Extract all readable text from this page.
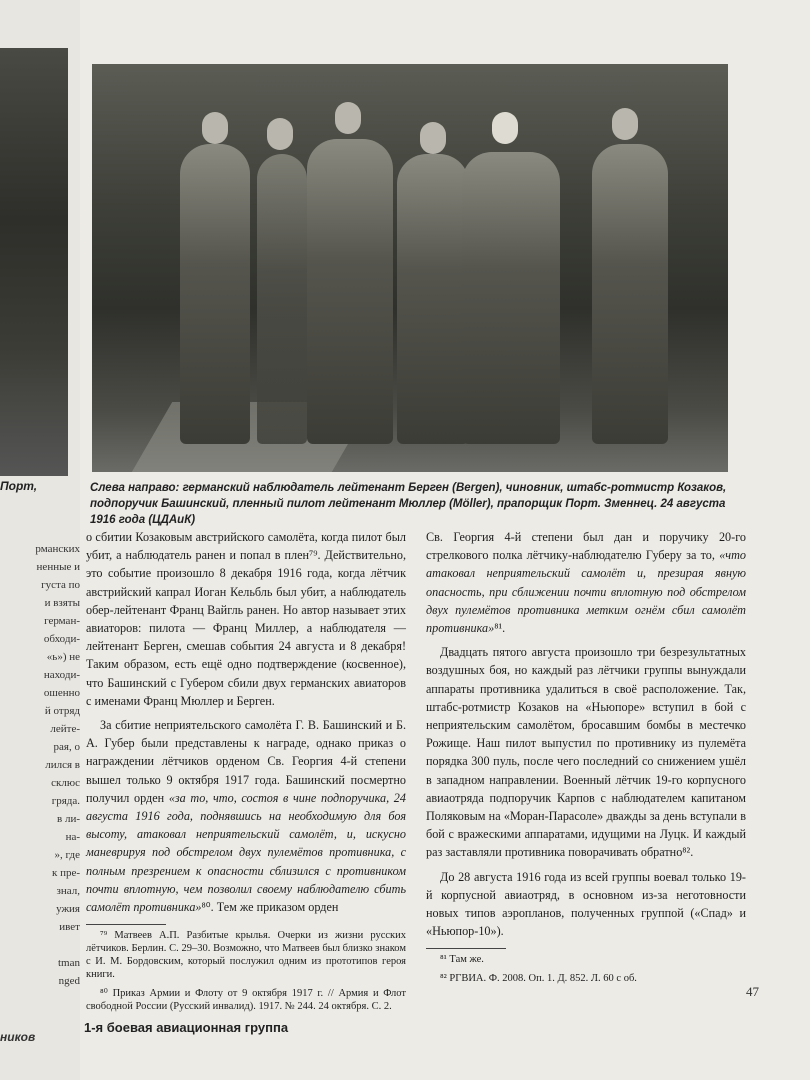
Порт,
рманских
ненные и
густа по
и взяты
герман-
обходи-
«ь») не
находи-
ошенно
й отряд
лейте-
рая, о
лился в
склюс
гряда.
в ли-
на-
», где
к пре-
знал,
ужия
ивет

tman
nged
ников
Слева направо: германский наблюдатель лейтенант Берген (Bergen), чиновник, штабс-ротмистр Козаков, подпоручик Башинский, пленный пилот лейтенант Мюллер (Möller), прапорщик Порт. Зменнец. 24 августа 1916 года (ЦДАиК)

о сбитии Козаковым австрийского самолёта, когда пилот был убит, а наблюдатель ранен и попал в плен⁷⁹. Действительно, это событие произошло 8 декабря 1916 года, когда лётчик австрийский капрал Иоган Кельбль был убит, а наблюдатель обер-лейтенант Франц Вайгль ранен. Но автор называет этих авиаторов: пилота — Франц Миллер, а наблюдателя — лейтенант Берген, смешав события 24 августа и 8 декабря! Таким образом, есть ещё одно подтверждение (косвенное), что Башинский с Губером сбили двух германских авиаторов с именами Франц Мюллер и Берген.

За сбитие неприятельского самолёта Г. В. Башинский и Б. А. Губер были представлены к награде, однако приказ о награждении лётчиков орденом Св. Георгия 4-й степени вышел только 9 октября 1917 года. Башинский посмертно получил орден «за то, что, состоя в чине подпоручика, 24 августа 1916 года, поднявшись на необходимую для боя высоту, атаковал неприятельский самолёт, и, искусно маневрируя под обстрелом двух пулемётов противника, с полным презрением к опасности сблизился с противником почти вплотную, чем позволил своему наблюдателю сбить самолёт противника»⁸⁰. Тем же приказом орден

⁷⁹ Матвеев А.П. Разбитые крылья. Очерки из жизни русских лётчиков. Берлин. С. 29–30. Возможно, что Матвеев был близко знаком с И. М. Бордовским, который послужил одним из прототипов героя книги.

⁸⁰ Приказ Армии и Флоту от 9 октября 1917 г. // Армия и Флот свободной России (Русский инвалид). 1917. № 244. 24 октября. С. 2.

Св. Георгия 4-й степени был дан и поручику 20-го стрелкового полка лётчику-наблюдателю Губеру за то, «что атаковал неприятельский самолёт и, презирая явную опасность, при сближении почти вплотную под обстрелом двух пулемётов противника метким огнём сбил самолёт противника»⁸¹.

Двадцать пятого августа произошло три безрезультатных воздушных боя, но каждый раз лётчики группы вынуждали аппараты противника удалиться в своё расположение. Так, штабс-ротмистр Козаков на «Ньюпоре» вступил в бой с неприятельским самолётом, бросавшим бомбы в местечко Рожище. Наш пилот выпустил по противнику из пулемёта порядка 300 пуль, после чего последний со снижением ушёл в западном направлении. Военный лётчик 19-го корпусного авиаотряда подпоручик Карпов с наблюдателем капитаном Поляковым на «Моран-Парасоле» дважды за день вступали в бой с вражескими аппаратами, идущими на Луцк. И каждый раз заставляли противника поворачивать обратно⁸².

До 28 августа 1916 года из всей группы воевал только 19-й корпусной авиаотряд, в основном из-за неготовности новых типов аэропланов, полученных группой («Спад» и «Ньюпор-10»).

⁸¹ Там же.

⁸² РГВИА. Ф. 2008. Оп. 1. Д. 852. Л. 60 с об.

47
1-я боевая авиационная группа
